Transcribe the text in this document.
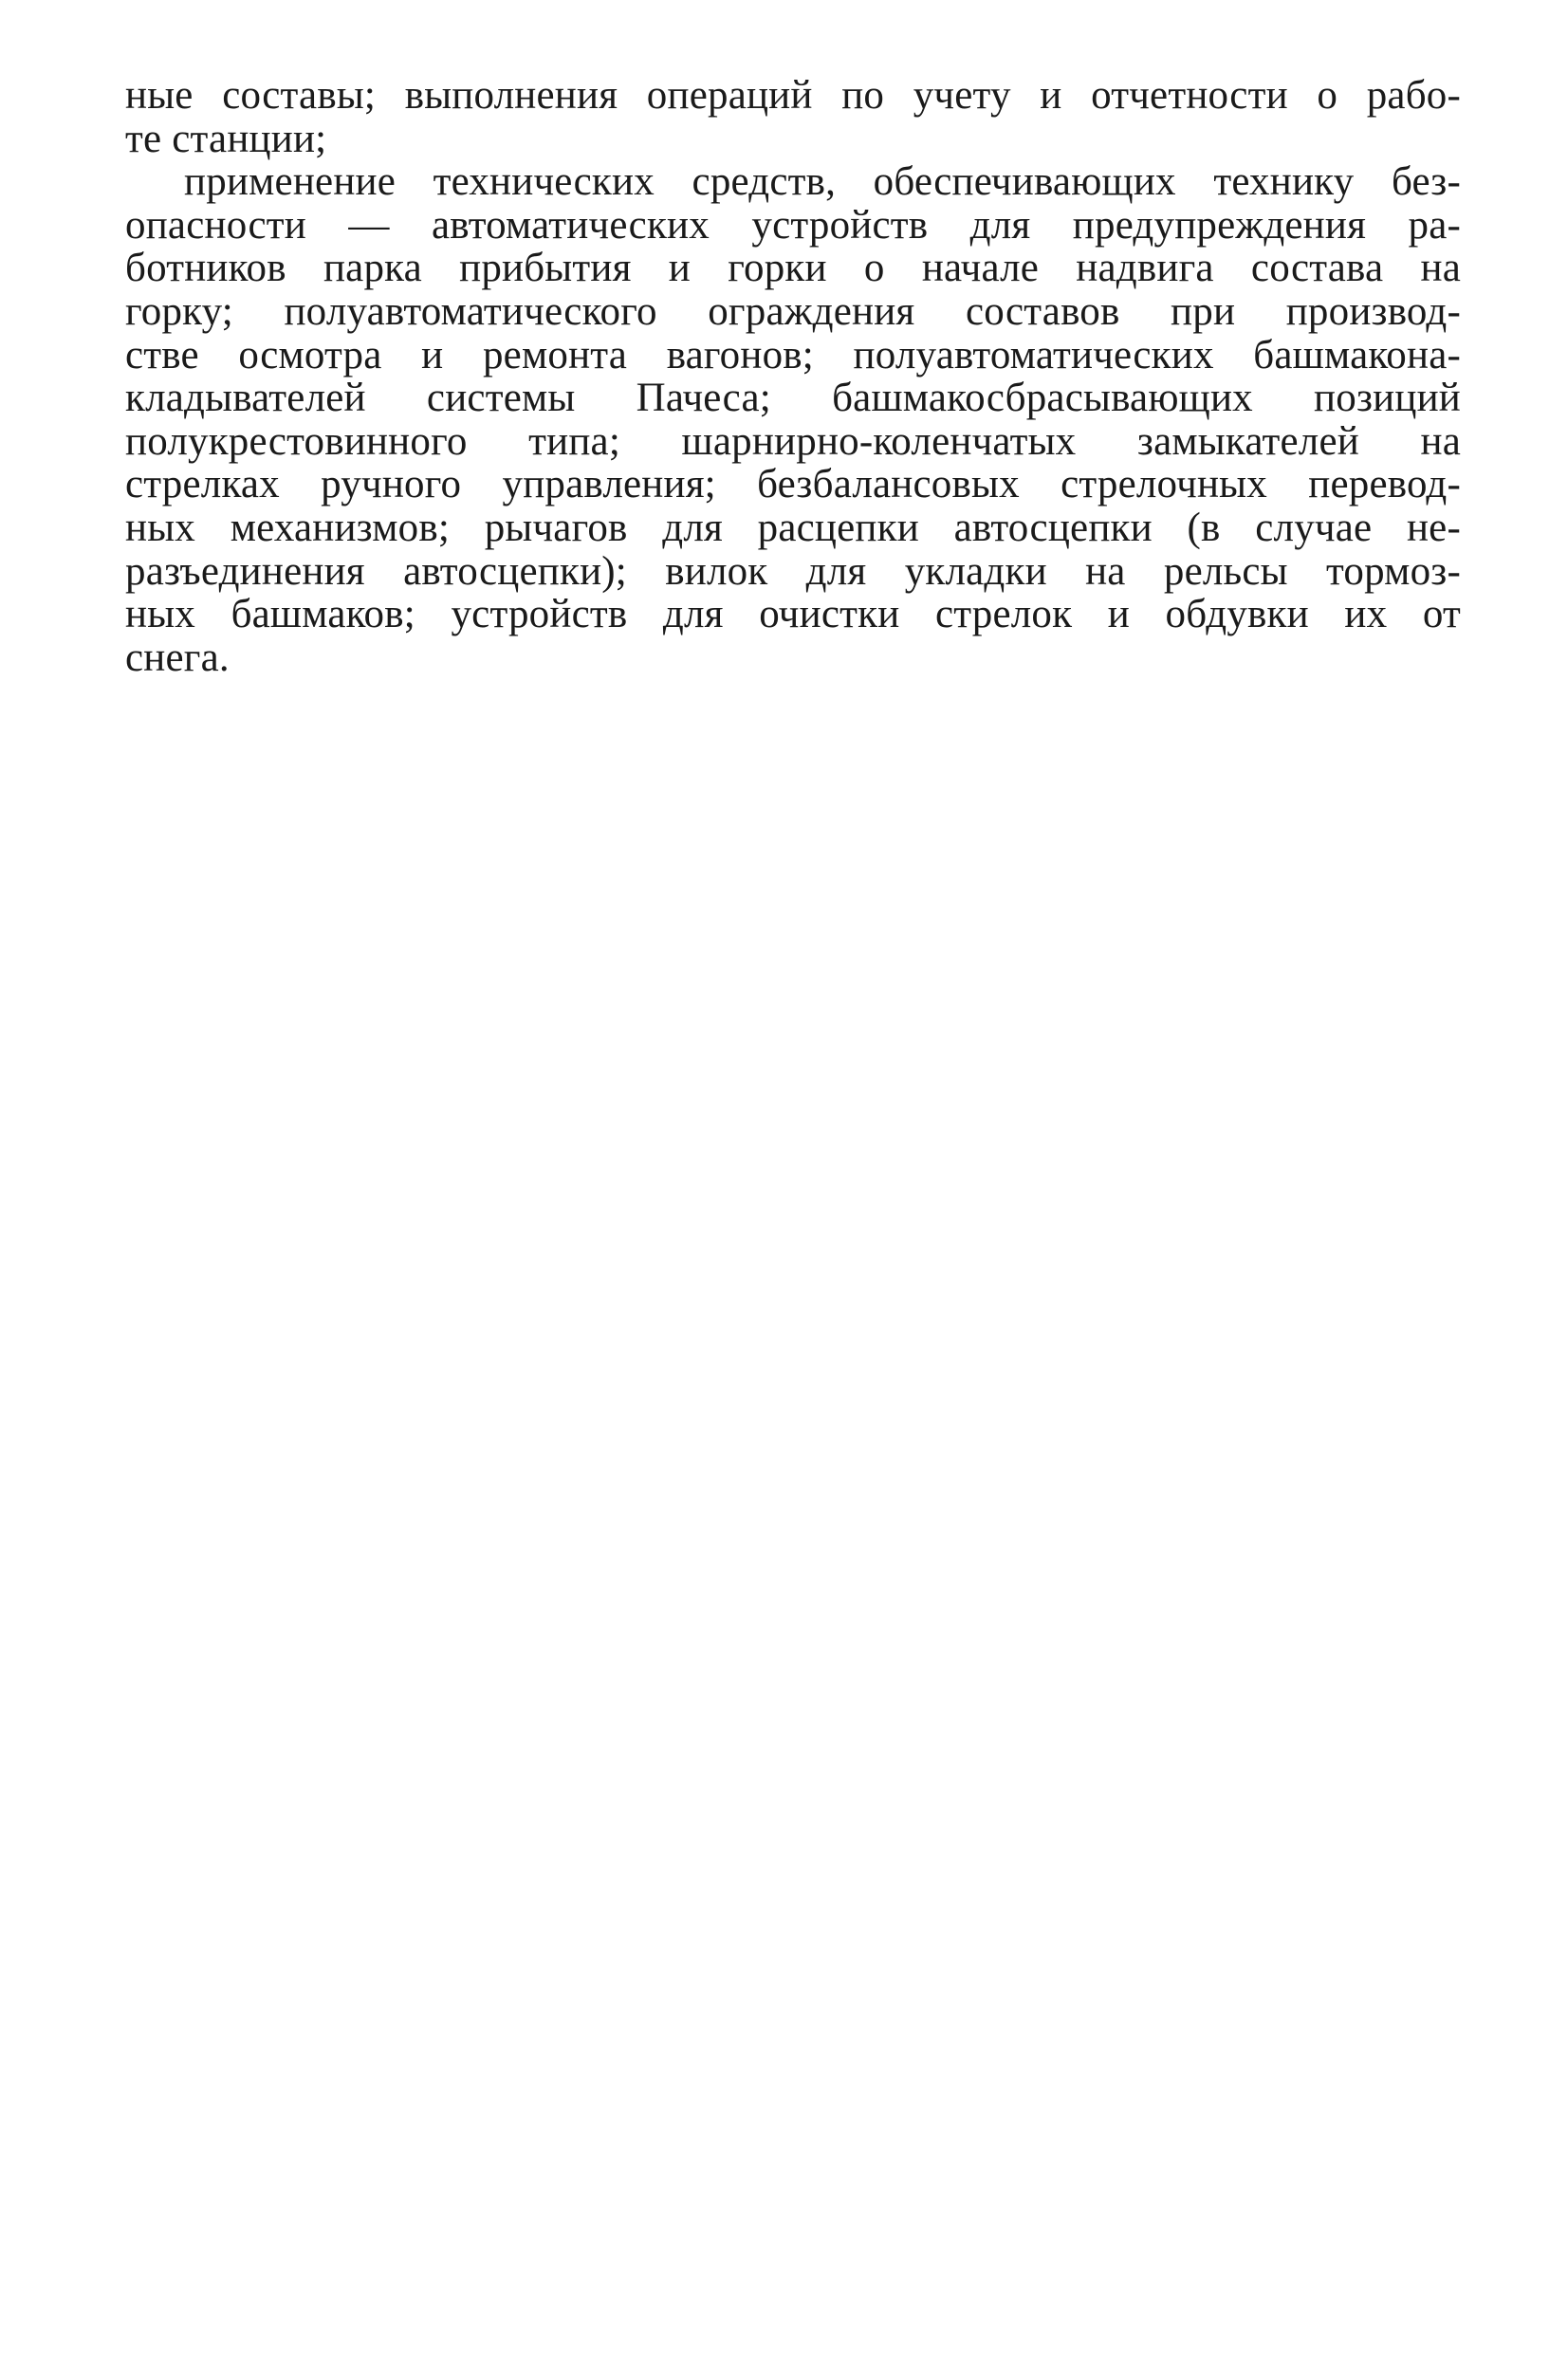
ные составы; выполнения операций по учету и отчетности о рабо-
те станции;
применение технических средств, обеспечивающих технику без-
опасности — автоматических устройств для предупреждения ра-
ботников парка прибытия и горки о начале надвига состава на
горку; полуавтоматического ограждения составов при производ-
стве осмотра и ремонта вагонов; полуавтоматических башмакона-
кладывателей системы Пачеса; башмакосбрасывающих позиций
полукрестовинного типа; шарнирно-коленчатых замыкателей на
стрелках ручного управления; безбалансовых стрелочных перевод-
ных механизмов; рычагов для расцепки автосцепки (в случае не-
разъединения автосцепки); вилок для укладки на рельсы тормоз-
ных башмаков; устройств для очистки стрелок и обдувки их от
снега.
